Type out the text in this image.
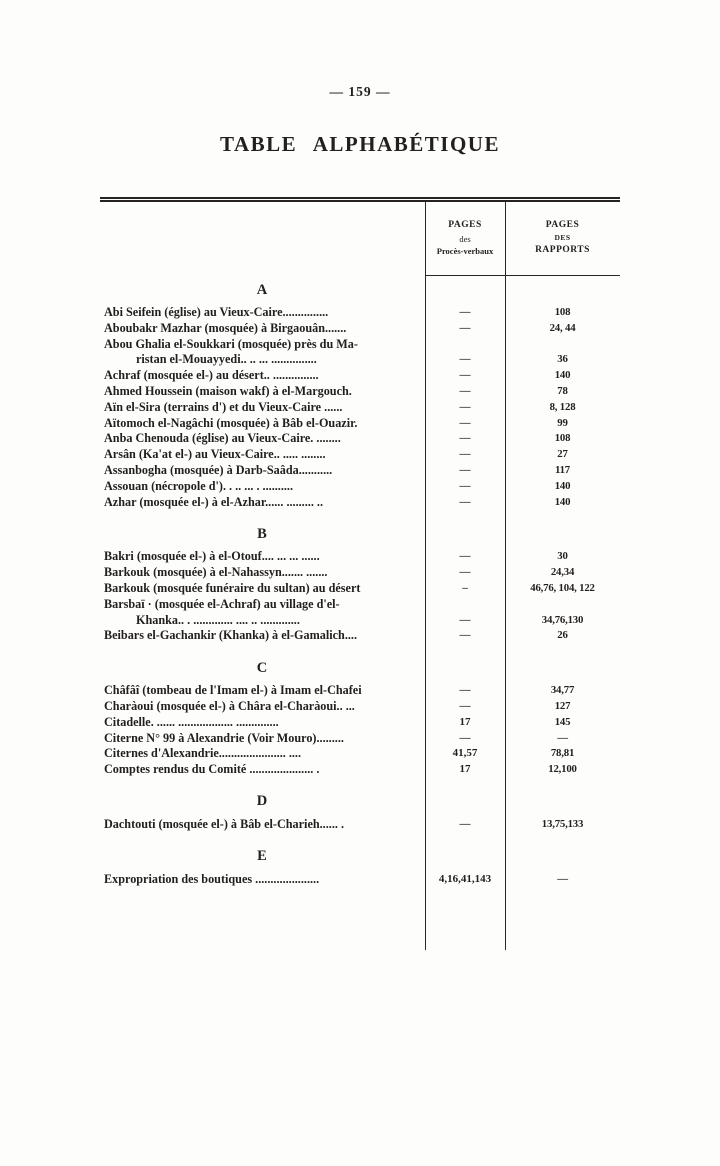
— 159 —
TABLE ALPHABÉTIQUE
PAGES
des
Procès-verbaux
PAGES
DES
RAPPORTS
A
Abi Seifein (église) au Vieux-Caire...............	—	108
Aboubakr Mazhar (mosquée) à Birgaouân.......	—	24, 44
Abou Ghalia el-Soukkari (mosquée) près du Ma-
ristan el-Mouayyedi.. .. ... ...............	—	36
Achraf (mosquée el-) au désert.. ...............	—	140
Ahmed Houssein (maison wakf) à el-Margouch.	—	78
Aïn el-Sira (terrains d') et du Vieux-Caire ......	—	8, 128
Aïtomoch el-Nagâchi (mosquée) à Bâb el-Ouazir.	—	99
Anba Chenouda (église) au Vieux-Caire. ........	—	108
Arsân (Ka'at el-) au Vieux-Caire.. ..... ........	—	27
Assanbogha (mosquée) à Darb-Saâda...........	—	117
Assouan (nécropole d'). . .. ... . ..........	—	140
Azhar (mosquée el-) à el-Azhar...... ......... ..	—	140
B
Bakri (mosquée el-) à el-Otouf.... ... ... ......	—	30
Barkouk (mosquée) à el-Nahassyn....... .......	—	24,34
Barkouk (mosquée funéraire du sultan) au désert	–	46,76, 104, 122
Barsbaï · (mosquée el-Achraf) au village d'el-
Khanka.. . ............. .... .. .............	—	34,76,130
Beibars el-Gachankir (Khanka) à el-Gamalich....	—	26
C
Châfâî (tombeau de l'Imam el-) à Imam el-Chafei	—	34,77
Charàoui (mosquée el-) à Châra el-Charàoui.. ...	—	127
Citadelle. ...... .................. ..............	17	145
Citerne N° 99 à Alexandrie (Voir Mouro).........	—	—
Citernes d'Alexandrie...................... ....	41,57	78,81
Comptes rendus du Comité ..................... .	17	12,100
D
Dachtouti (mosquée el-) à Bâb el-Charieh...... .	—	13,75,133
E
Expropriation des boutiques .....................	4,16,41,143	—
